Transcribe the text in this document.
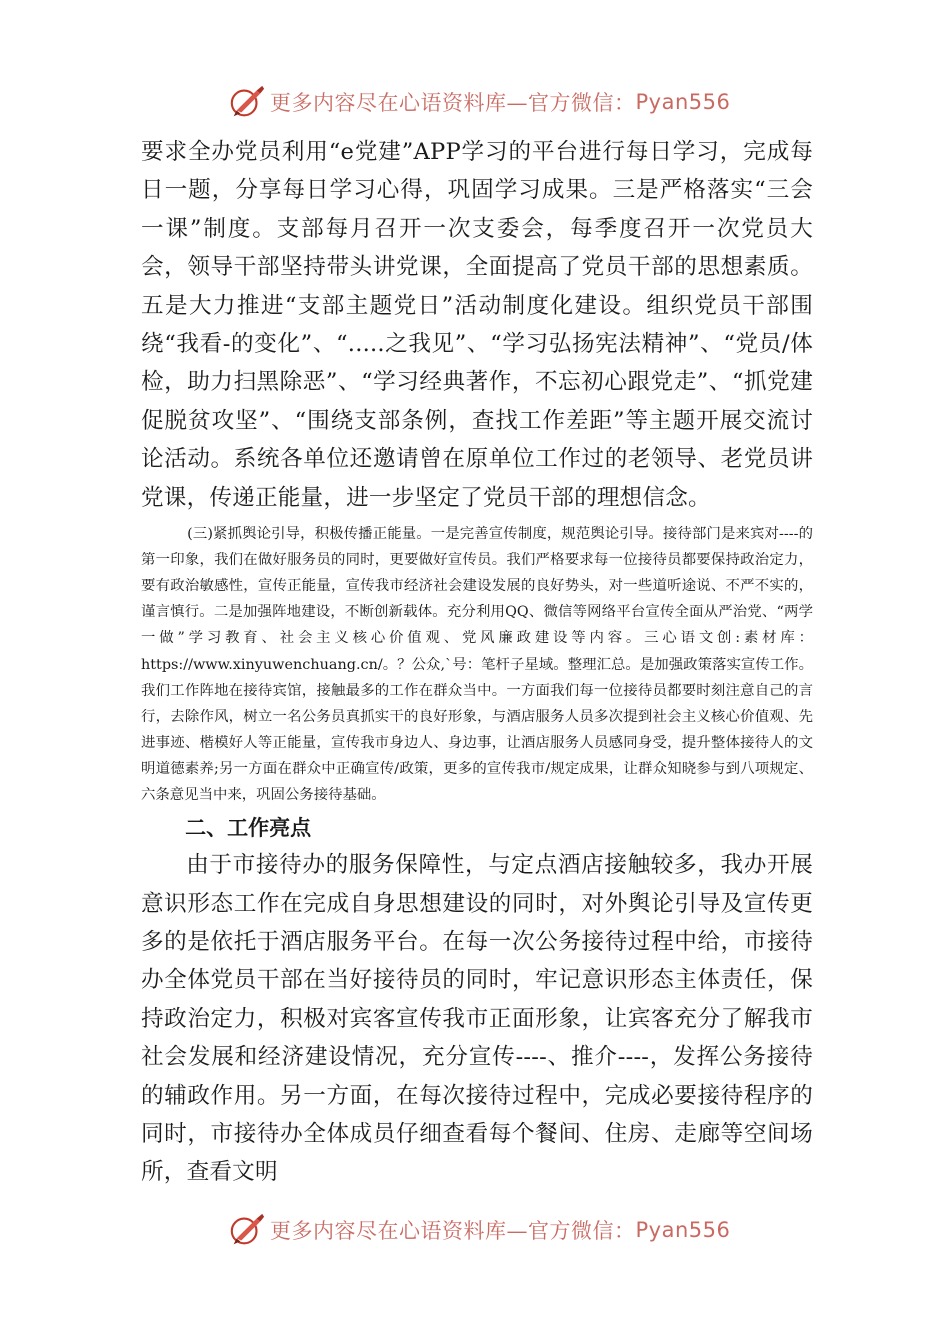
更多内容尽在心语资料库—官方微信： Pyan556

要求全办党员利用“e党建”APP学习的平台进行每日学习，完成每日一题，分享每日学习心得，巩固学习成果。三是严格落实“三会一课”制度。支部每月召开一次支委会，每季度召开一次党员大会，领导干部坚持带头讲党课，全面提高了党员干部的思想素质。五是大力推进“支部主题党日”活动制度化建设。组织党员干部围绕“我看-的变化”、“.....之我见”、“学习弘扬宪法精神”、“党员/体检，助力扫黑除恶”、“学习经典著作，不忘初心跟党走”、“抓党建促脱贫攻坚”、“围绕支部条例，查找工作差距”等主题开展交流讨论活动。系统各单位还邀请曾在原单位工作过的老领导、老党员讲党课，传递正能量，进一步坚定了党员干部的理想信念。

(三)紧抓舆论引导，积极传播正能量。一是完善宣传制度，规范舆论引导。接待部门是来宾对----的第一印象，我们在做好服务员的同时，更要做好宣传员。我们严格要求每一位接待员都要保持政治定力，要有政治敏感性，宣传正能量，宣传我市经济社会建设发展的良好势头，对一些道听途说、不严不实的，谨言慎行。二是加强阵地建设，不断创新载体。充分利用QQ、微信等网络平台宣传全面从严治党、“两学一做”学习教育、社会主义核心价值观、党风廉政建设等内容。三心语文创:素材库：https://www.xinyuwenchuang.cn/。？公众,`号：笔杆子星域。整理汇总。是加强政策落实宣传工作。我们工作阵地在接待宾馆，接触最多的工作在群众当中。一方面我们每一位接待员都要时刻注意自己的言行，去除作风，树立一名公务员真抓实干的良好形象，与酒店服务人员多次提到社会主义核心价值观、先进事迹、楷模好人等正能量，宣传我市身边人、身边事，让酒店服务人员感同身受，提升整体接待人的文明道德素养;另一方面在群众中正确宣传/政策，更多的宣传我市/规定成果，让群众知晓参与到八项规定、六条意见当中来，巩固公务接待基础。

二、工作亮点

由于市接待办的服务保障性，与定点酒店接触较多，我办开展意识形态工作在完成自身思想建设的同时，对外舆论引导及宣传更多的是依托于酒店服务平台。在每一次公务接待过程中给，市接待办全体党员干部在当好接待员的同时，牢记意识形态主体责任，保持政治定力，积极对宾客宣传我市正面形象，让宾客充分了解我市社会发展和经济建设情况，充分宣传----、推介----，发挥公务接待的辅政作用。另一方面，在每次接待过程中，完成必要接待程序的同时，市接待办全体成员仔细查看每个餐间、住房、走廊等空间场所，查看文明

更多内容尽在心语资料库—官方微信： Pyan556
